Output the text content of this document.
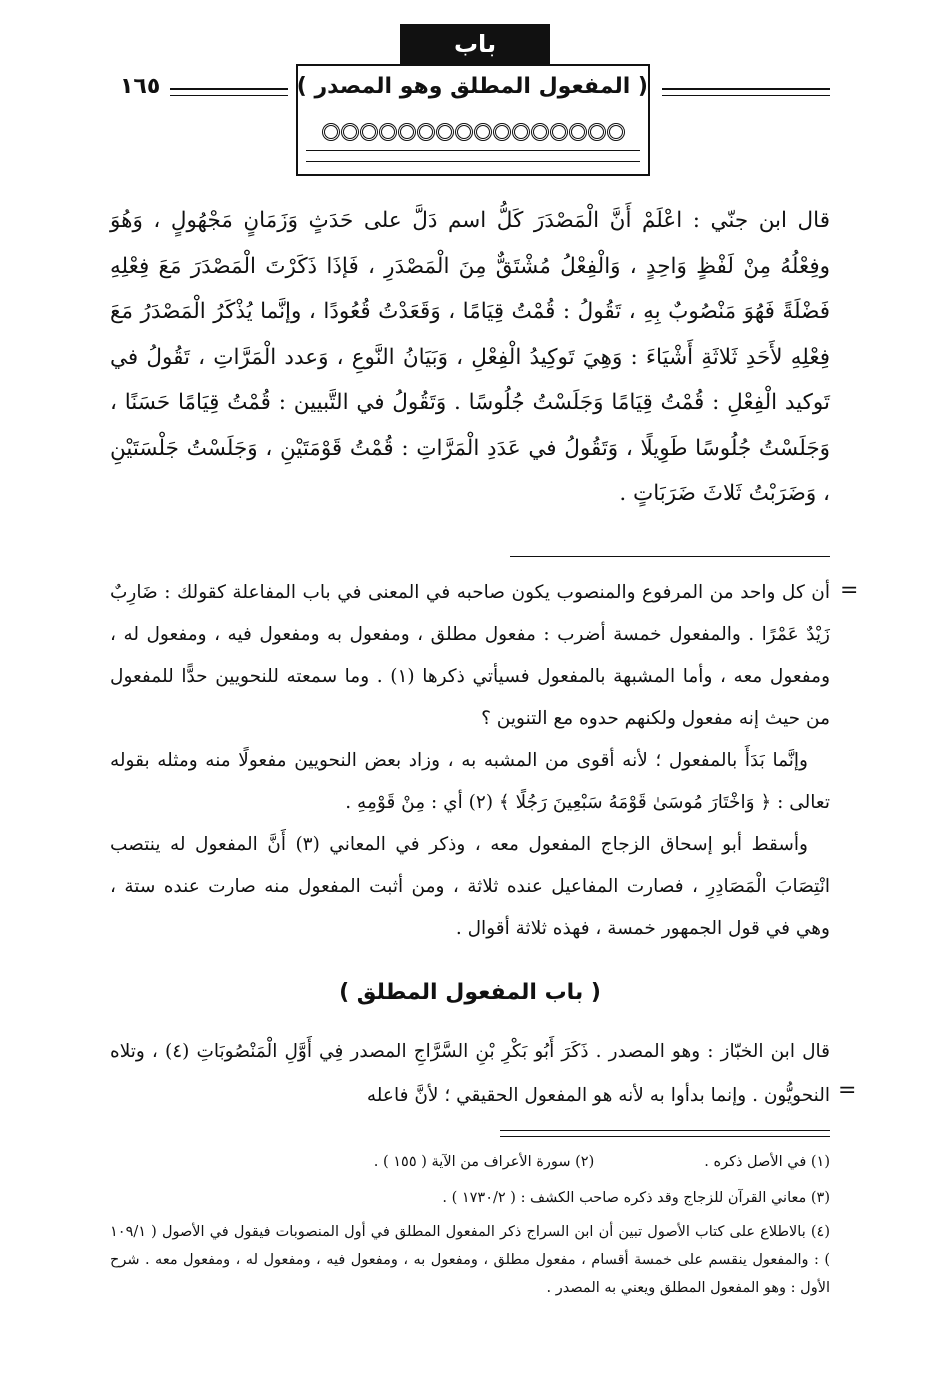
باب
( المفعول المطلق وهو المصدر )
١٦٥
قال ابن جنّي : اعْلَمْ أَنَّ الْمَصْدَرَ كَلُّ اسم دَلَّ على حَدَثٍ وَزَمَانٍ مَجْهُولٍ ، وَهُوَ وفِعْلُهُ مِنْ لَفْظٍ وَاحِدٍ ، وَالْفِعْلُ مُشْتَقٌّ مِنَ الْمَصْدَرِ ، فَإذَا ذَكَرْتَ الْمَصْدَرَ مَعَ فِعْلِهِ فَضْلَةً فَهُوَ مَنْصُوبٌ بِهِ ، تَقُولُ : قُمْتُ قِيَامًا ، وَقَعَدْتُ قُعُودًا ، وإنَّما يُذْكَرُ الْمَصْدَرُ مَعَ فِعْلِهِ لأَحَدِ ثَلاثَةِ أَشْيَاءَ : وَهِيَ تَوكِيدُ الْفِعْلِ ، وَبَيَانُ النَّوعِ ، وَعدد الْمَرَّاتِ ، تَقُولُ في تَوكيد الْفِعْلِ : قُمْتُ قِيَامًا وَجَلَسْتُ جُلُوسًا . وَتَقُولُ في التَّبيين : قُمْتُ قِيَامًا حَسَنًا ، وَجَلَسْتُ جُلُوسًا طَوِيلًا ، وَتَقُولُ في عَدَدِ الْمَرَّاتِ : قُمْتُ قَوْمَتَيْنِ ، وَجَلَسْتُ جَلْسَتَيْنِ ، وَضَرَبْتُ ثَلاثَ ضَرَبَاتٍ .
=

أن كل واحد من المرفوع والمنصوب يكون صاحبه في المعنى في باب المفاعلة كقولك : ضَارِبٌ زَيْدٌ عَمْرًا . والمفعول خمسة أضرب : مفعول مطلق ، ومفعول به ومفعول فيه ، ومفعول له ، ومفعول معه ، وأما المشبهة بالمفعول فسيأتي ذكرها (١) . وما سمعته للنحويين حدًّا للمفعول من حيث إنه مفعول ولكنهم حدوه مع التنوين ؟

وإنَّما بَدَأَ بالمفعول ؛ لأنه أقوى من المشبه به ، وزاد بعض النحويين مفعولًا منه ومثله بقوله تعالى : ﴿ وَاخْتَارَ مُوسَىٰ قَوْمَهُ سَبْعِينَ رَجُلًا ﴾ (٢) أي : مِنْ قَوْمِهِ .

وأسقط أبو إسحاق الزجاج المفعول معه ، وذكر في المعاني (٣) أَنَّ المفعول له ينتصب انْتِصَابَ الْمَصَادِرِ ، فصارت المفاعيل عنده ثلاثة ، ومن أثبت المفعول منه صارت عنده ستة ، وهي في قول الجمهور خمسة ، فهذه ثلاثة أقوال .

( باب المفعول المطلق )
قال ابن الخبّاز : وهو المصدر . ذَكَرَ أَبُو بَكْرِ بْنِ السَّرَّاجِ المصدر فِي أَوَّلِ الْمَنْصُوبَاتِ (٤) ، وتلاه النحويُّون . وإنما بدأوا به لأنه هو المفعول الحقيقي ؛ لأنَّ فاعله =
(١) في الأصل ذكره .
(٢) سورة الأعراف من الآية ( ١٥٥ ) .
(٣) معاني القرآن للزجاج وقد ذكره صاحب الكشف : ( ١٧٣٠/٢ ) .
(٤) بالاطلاع على كتاب الأصول تبين أن ابن السراج ذكر المفعول المطلق في أول المنصوبات فيقول في الأصول ( ١٠٩/١ ) : والمفعول ينقسم على خمسة أقسام ، مفعول مطلق ، ومفعول به ، ومفعول فيه ، ومفعول له ، ومفعول معه . شرح الأول : وهو المفعول المطلق ويعني به المصدر .
